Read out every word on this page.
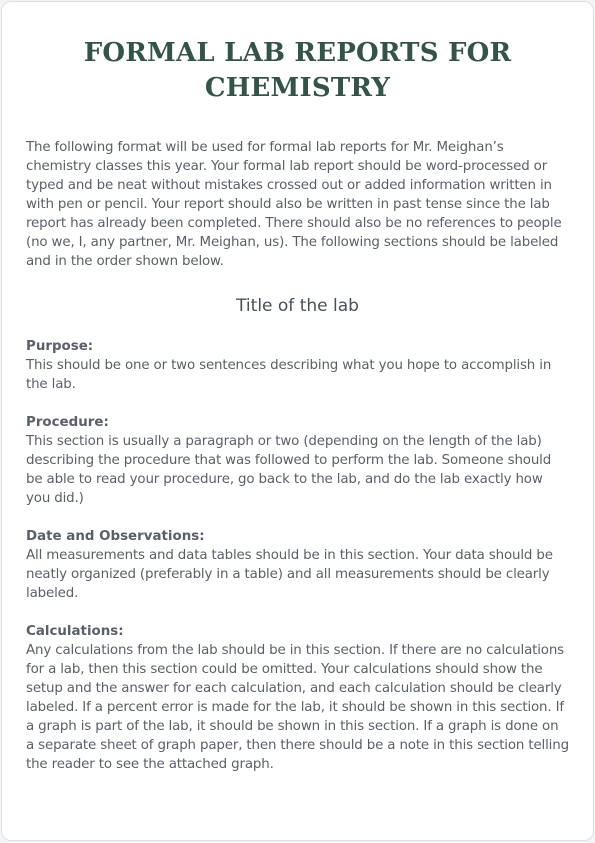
FORMAL LAB REPORTS FOR CHEMISTRY

The following format will be used for formal lab reports for Mr. Meighan’s chemistry classes this year. Your formal lab report should be word-processed or typed and be neat without mistakes crossed out or added information written in with pen or pencil. Your report should also be written in past tense since the lab report has already been completed. There should also be no references to people (no we, I, any partner, Mr. Meighan, us). The following sections should be labeled and in the order shown below.

Title of the lab

Purpose:

This should be one or two sentences describing what you hope to accomplish in the lab.

Procedure:

This section is usually a paragraph or two (depending on the length of the lab) describing the procedure that was followed to perform the lab. Someone should be able to read your procedure, go back to the lab, and do the lab exactly how you did.)

Date and Observations:

All measurements and data tables should be in this section. Your data should be neatly organized (preferably in a table) and all measurements should be clearly labeled.

Calculations:

Any calculations from the lab should be in this section. If there are no calculations for a lab, then this section could be omitted. Your calculations should show the setup and the answer for each calculation, and each calculation should be clearly labeled. If a percent error is made for the lab, it should be shown in this section. If a graph is part of the lab, it should be shown in this section. If a graph is done on a separate sheet of graph paper, then there should be a note in this section telling the reader to see the attached graph.
